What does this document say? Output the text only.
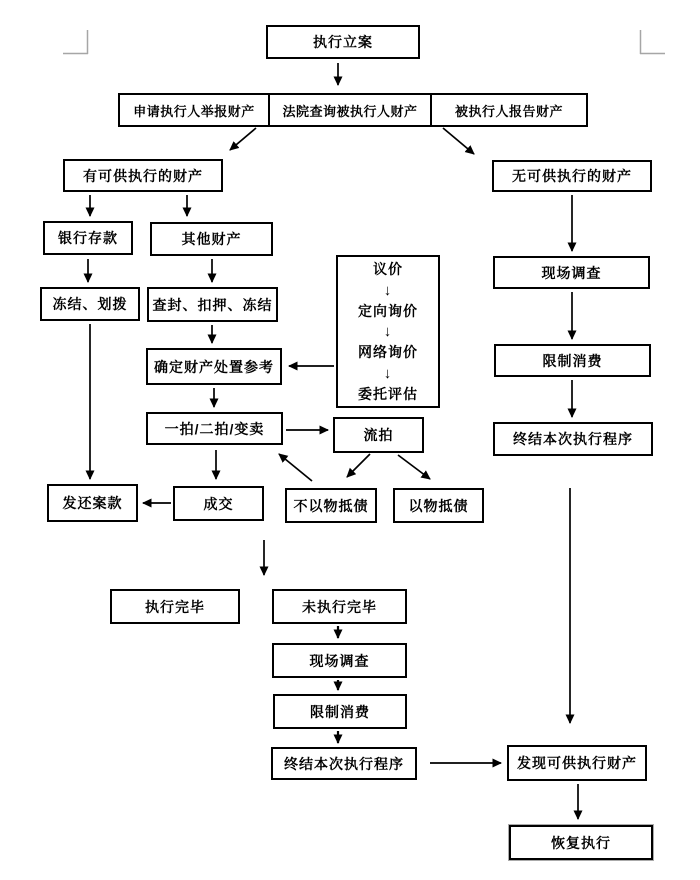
执行立案
申请执行人举报财产	法院查询被执行人财产	被执行人报告财产
有可供执行的财产	无可供执行的财产
银行存款	其他财产
冻结、划拨	查封、扣押、冻结
议价
↓
定向询价
↓
网络询价
↓
委托评估
现场调查
限制消费
终结本次执行程序
确定财产处置参考
一拍/二拍/变卖	流拍
发还案款	成交	不以物抵债	以物抵债
执行完毕	未执行完毕
现场调查
限制消费
终结本次执行程序	发现可供执行财产
恢复执行
